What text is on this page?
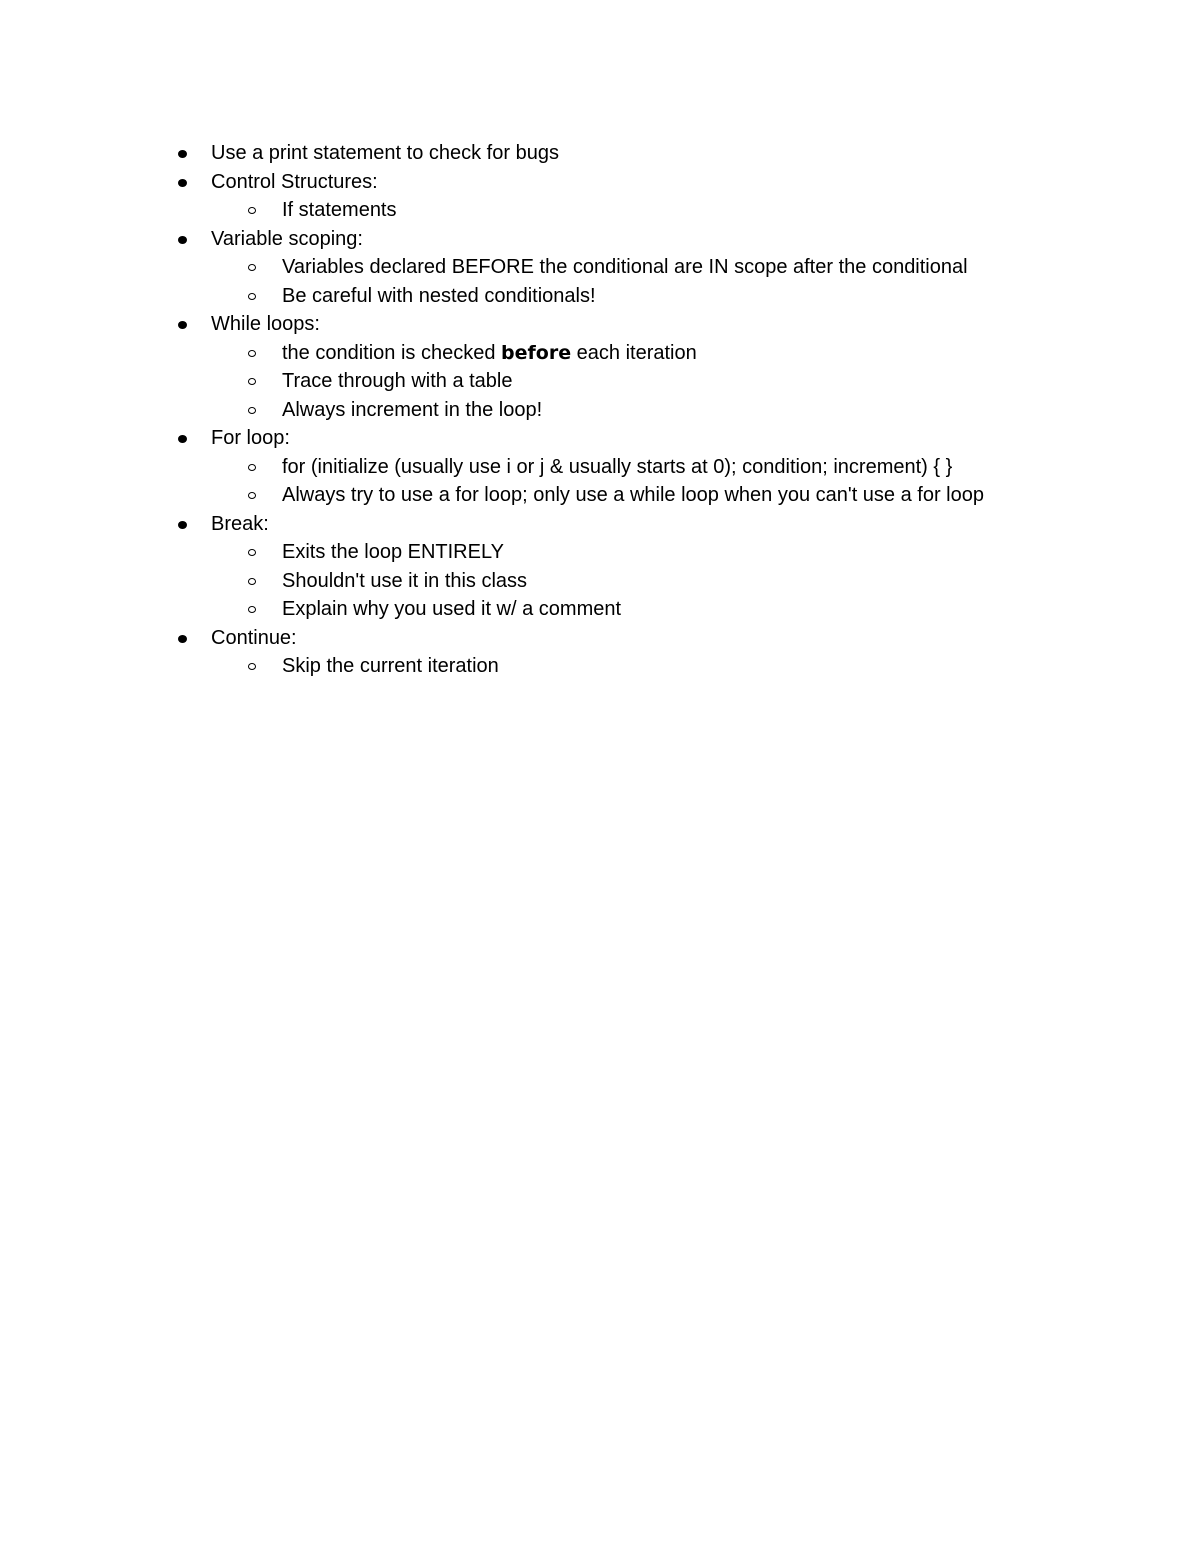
Use a print statement to check for bugs
Control Structures:
If statements
Variable scoping:
Variables declared BEFORE the conditional are IN scope after the conditional
Be careful with nested conditionals!
While loops:
the condition is checked before each iteration
Trace through with a table
Always increment in the loop!
For loop:
for (initialize (usually use i or j & usually starts at 0); condition; increment) { }
Always try to use a for loop; only use a while loop when you can't use a for loop
Break:
Exits the loop ENTIRELY
Shouldn't use it in this class
Explain why you used it w/ a comment
Continue:
Skip the current iteration
